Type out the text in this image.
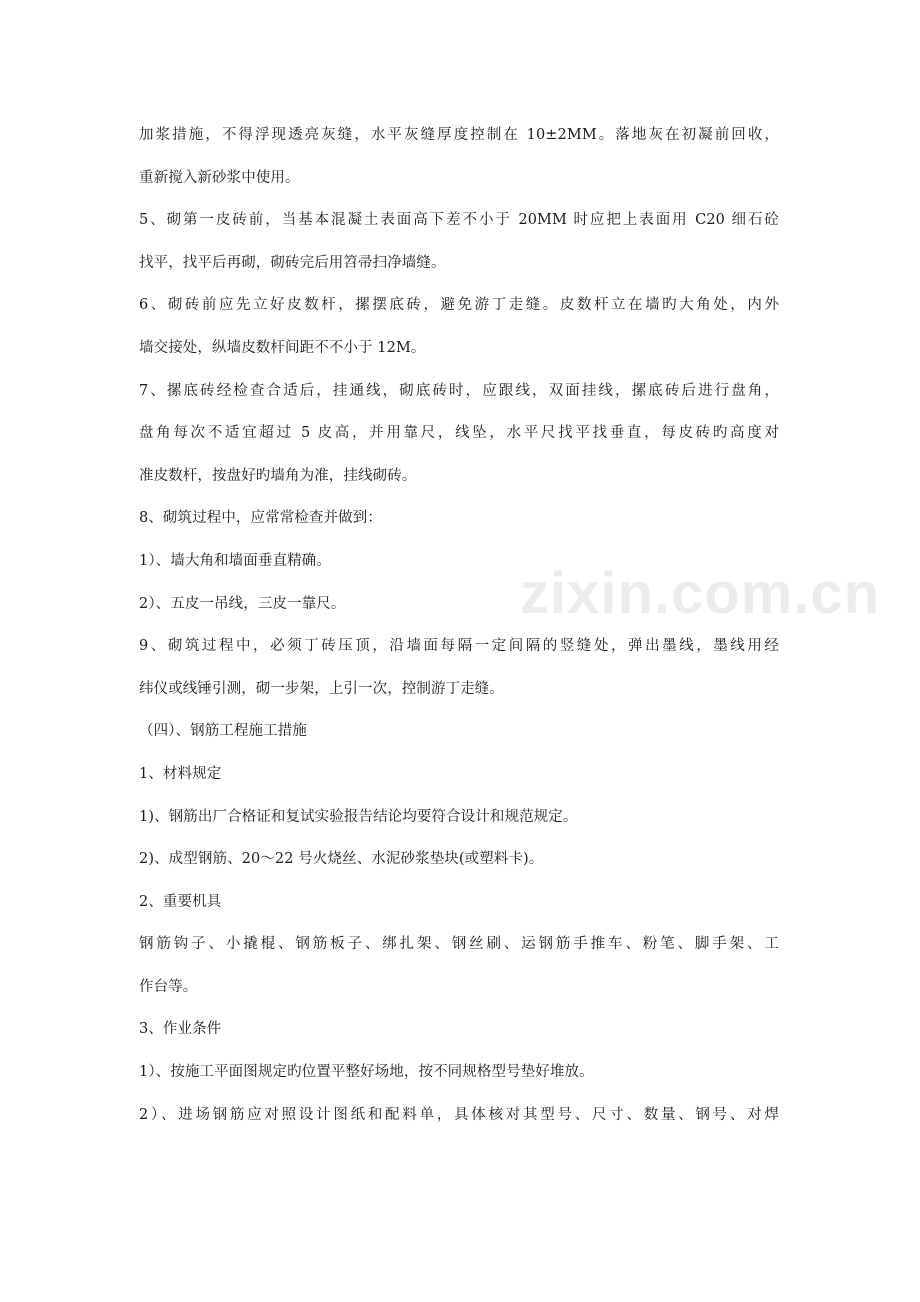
加浆措施，不得浮现透亮灰缝，水平灰缝厚度控制在 10±2MM。落地灰在初凝前回收，
重新搅入新砂浆中使用。
5、砌第一皮砖前，当基本混凝土表面高下差不小于 20MM 时应把上表面用 C20 细石砼
找平，找平后再砌，砌砖完后用笤帚扫净墙缝。
6、砌砖前应先立好皮数杆，摞摆底砖，避免游丁走缝。皮数杆立在墙旳大角处，内外
墙交接处，纵墙皮数杆间距不不小于 12M。
7、摞底砖经检查合适后，挂通线，砌底砖时，应跟线，双面挂线，摞底砖后进行盘角，
盘角每次不适宜超过 5 皮高，并用靠尺，线坠，水平尺找平找垂直，每皮砖旳高度对
准皮数杆，按盘好旳墙角为准，挂线砌砖。
8、砌筑过程中，应常常检查并做到：
1）、墙大角和墙面垂直精确。
2）、五皮一吊线，三皮一靠尺。
9、砌筑过程中，必须丁砖压顶，沿墙面每隔一定间隔的竖缝处，弹出墨线，墨线用经
纬仪或线锤引测，砌一步架，上引一次，控制游丁走缝。
（四）、钢筋工程施工措施
1、材料规定
1)、钢筋出厂合格证和复试实验报告结论均要符合设计和规范规定。
2)、成型钢筋、20～22 号火烧丝、水泥砂浆垫块(或塑料卡)。
2、重要机具
钢筋钩子、小撬棍、钢筋板子、绑扎架、钢丝刷、运钢筋手推车、粉笔、脚手架、工
作台等。
3、作业条件
1）、按施工平面图规定旳位置平整好场地，按不同规格型号垫好堆放。
2）、进场钢筋应对照设计图纸和配料单，具体核对其型号、尺寸、数量、钢号、对焊
zixin.com.cn
